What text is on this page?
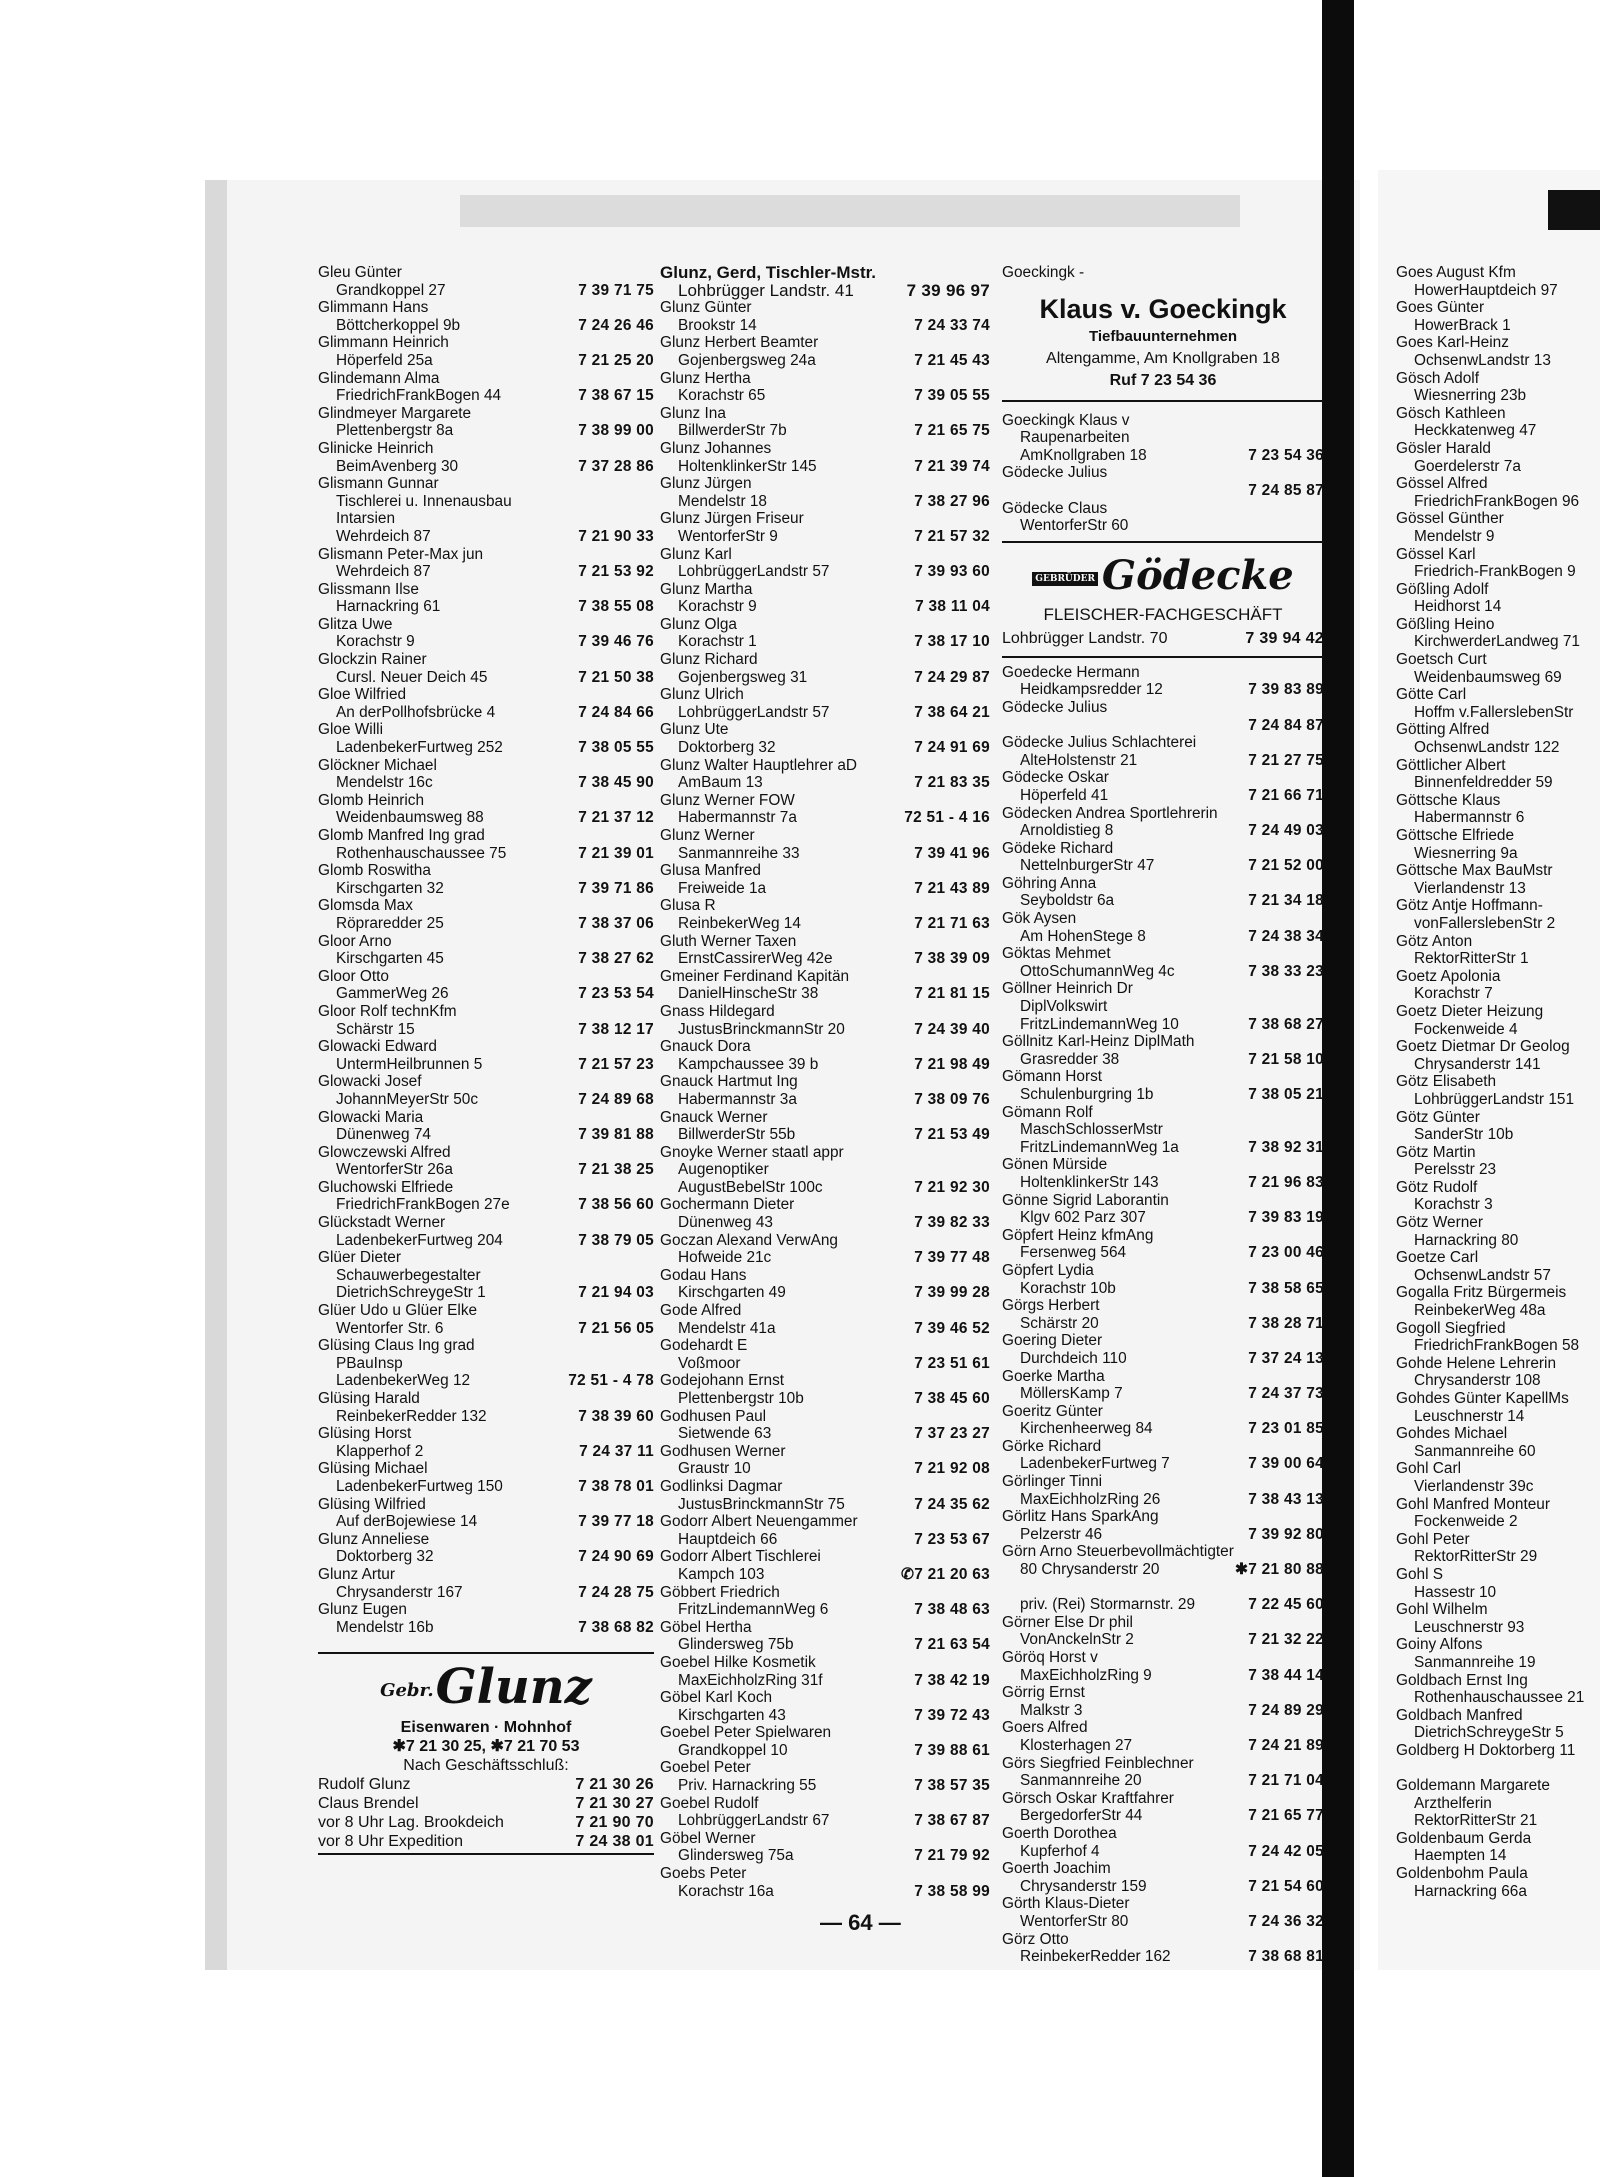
Gleu Günter
Grandkoppel 27	7 39 71 75
Glimmann Hans
Böttcherkoppel 9b	7 24 26 46
Glimmann Heinrich
Höperfeld 25a	7 21 25 20
Glindemann Alma
FriedrichFrankBogen 44	7 38 67 15
Glindmeyer Margarete
Plettenbergstr 8a	7 38 99 00
Glinicke Heinrich
BeimAvenberg 30	7 37 28 86
Glismann Gunnar
Tischlerei u. Innenausbau
Intarsien
Wehrdeich 87	7 21 90 33
Glismann Peter-Max jun
Wehrdeich 87	7 21 53 92
Glissmann Ilse
Harnackring 61	7 38 55 08
Glitza Uwe
Korachstr 9	7 39 46 76
Glockzin Rainer
Cursl. Neuer Deich 45	7 21 50 38
Gloe Wilfried
An derPollhofsbrücke 4	7 24 84 66
Gloe Willi
LadenbekerFurtweg 252	7 38 05 55
Glöckner Michael
Mendelstr 16c	7 38 45 90
Glomb Heinrich
Weidenbaumsweg 88	7 21 37 12
Glomb Manfred Ing grad
Rothenhauschaussee 75	7 21 39 01
Glomb Roswitha
Kirschgarten 32	7 39 71 86
Glomsda Max
Röpraredder 25	7 38 37 06
Gloor Arno
Kirschgarten 45	7 38 27 62
Gloor Otto
GammerWeg 26	7 23 53 54
Gloor Rolf technKfm
Schärstr 15	7 38 12 17
Glowacki Edward
UntermHeilbrunnen 5	7 21 57 23
Glowacki Josef
JohannMeyerStr 50c	7 24 89 68
Glowacki Maria
Dünenweg 74	7 39 81 88
Glowczewski Alfred
WentorferStr 26a	7 21 38 25
Gluchowski Elfriede
FriedrichFrankBogen 27e	7 38 56 60
Glückstadt Werner
LadenbekerFurtweg 204	7 38 79 05
Glüer Dieter
Schauwerbegestalter
DietrichSchreygeStr 1	7 21 94 03
Glüer Udo u Glüer Elke
Wentorfer Str. 6	7 21 56 05
Glüsing Claus Ing grad
PBauInsp
LadenbekerWeg 12	72 51 - 4 78
Glüsing Harald
ReinbekerRedder 132	7 38 39 60
Glüsing Horst
Klapperhof 2	7 24 37 11
Glüsing Michael
LadenbekerFurtweg 150	7 38 78 01
Glüsing Wilfried
Auf derBojewiese 14	7 39 77 18
Glunz Anneliese
Doktorberg 32	7 24 90 69
Glunz Artur
Chrysanderstr 167	7 24 28 75
Glunz Eugen
Mendelstr 16b	7 38 68 82
Gebr.Glunz
Eisenwaren · Mohnhof
✱7 21 30 25, ✱7 21 70 53
Nach Geschäftsschluß:
Rudolf Glunz	7 21 30 26
Claus Brendel	7 21 30 27
vor 8 Uhr Lag. Brookdeich	7 21 90 70
vor 8 Uhr Expedition	7 24 38 01
Glunz, Gerd, Tischler-Mstr.
Lohbrügger Landstr. 41	7 39 96 97
Glunz Günter
Brookstr 14	7 24 33 74
Glunz Herbert Beamter
Gojenbergsweg 24a	7 21 45 43
Glunz Hertha
Korachstr 65	7 39 05 55
Glunz Ina
BillwerderStr 7b	7 21 65 75
Glunz Johannes
HoltenklinkerStr 145	7 21 39 74
Glunz Jürgen
Mendelstr 18	7 38 27 96
Glunz Jürgen Friseur
WentorferStr 9	7 21 57 32
Glunz Karl
LohbrüggerLandstr 57	7 39 93 60
Glunz Martha
Korachstr 9	7 38 11 04
Glunz Olga
Korachstr 1	7 38 17 10
Glunz Richard
Gojenbergsweg 31	7 24 29 87
Glunz Ulrich
LohbrüggerLandstr 57	7 38 64 21
Glunz Ute
Doktorberg 32	7 24 91 69
Glunz Walter Hauptlehrer aD
AmBaum 13	7 21 83 35
Glunz Werner FOW
Habermannstr 7a	72 51 - 4 16
Glunz Werner
Sanmannreihe 33	7 39 41 96
Glusa Manfred
Freiweide 1a	7 21 43 89
Glusa R
ReinbekerWeg 14	7 21 71 63
Gluth Werner Taxen
ErnstCassirerWeg 42e	7 38 39 09
Gmeiner Ferdinand Kapitän
DanielHinscheStr 38	7 21 81 15
Gnass Hildegard
JustusBrinckmannStr 20	7 24 39 40
Gnauck Dora
Kampchaussee 39 b	7 21 98 49
Gnauck Hartmut Ing
Habermannstr 3a	7 38 09 76
Gnauck Werner
BillwerderStr 55b	7 21 53 49
Gnoyke Werner staatl appr
Augenoptiker
AugustBebelStr 100c	7 21 92 30
Gochermann Dieter
Dünenweg 43	7 39 82 33
Goczan Alexand VerwAng
Hofweide 21c	7 39 77 48
Godau Hans
Kirschgarten 49	7 39 99 28
Gode Alfred
Mendelstr 41a	7 39 46 52
Godehardt E
Voßmoor	7 23 51 61
Godejohann Ernst
Plettenbergstr 10b	7 38 45 60
Godhusen Paul
Sietwende 63	7 37 23 27
Godhusen Werner
Graustr 10	7 21 92 08
Godlinksi Dagmar
JustusBrinckmannStr 75	7 24 35 62
Godorr Albert Neuengammer
Hauptdeich 66	7 23 53 67
Godorr Albert Tischlerei
Kampch 103	✆7 21 20 63
Göbbert Friedrich
FritzLindemannWeg 6	7 38 48 63
Göbel Hertha
Glindersweg 75b	7 21 63 54
Goebel Hilke Kosmetik
MaxEichholzRing 31f	7 38 42 19
Göbel Karl Koch
Kirschgarten 43	7 39 72 43
Goebel Peter Spielwaren
Grandkoppel 10	7 39 88 61
Goebel Peter
Priv. Harnackring 55	7 38 57 35
Goebel Rudolf
LohbrüggerLandstr 67	7 38 67 87
Göbel Werner
Glindersweg 75a	7 21 79 92
Goebs Peter
Korachstr 16a	7 38 58 99
Goeckingk -
Klaus v. Goeckingk
Tiefbauunternehmen
Altengamme, Am Knollgraben 18
Ruf 7 23 54 36
Goeckingk Klaus v
Raupenarbeiten
AmKnollgraben 18	7 23 54 36
Gödecke Julius

7 24 85 87
Gödecke Claus
WentorferStr 60
GEBRÜDER Gödecke
FLEISCHER-FACHGESCHÄFT
Lohbrügger Landstr. 70	7 39 94 42
Goedecke Hermann
Heidkampsredder 12	7 39 83 89
Gödecke Julius

7 24 84 87
Gödecke Julius Schlachterei
AlteHolstenstr 21	7 21 27 75
Gödecke Oskar
Höperfeld 41	7 21 66 71
Gödecken Andrea Sportlehrerin
Arnoldistieg 8	7 24 49 03
Gödeke Richard
NettelnburgerStr 47	7 21 52 00
Göhring Anna
Seyboldstr 6a	7 21 34 18
Gök Aysen
Am HohenStege 8	7 24 38 34
Göktas Mehmet
OttoSchumannWeg 4c	7 38 33 23
Göllner Heinrich Dr
DiplVolkswirt
FritzLindemannWeg 10	7 38 68 27
Göllnitz Karl-Heinz DiplMath
Grasredder 38	7 21 58 10
Gömann Horst
Schulenburgring 1b	7 38 05 21
Gömann Rolf
MaschSchlosserMstr
FritzLindemannWeg 1a	7 38 92 31
Gönen Mürside
HoltenklinkerStr 143	7 21 96 83
Gönne Sigrid Laborantin
Klgv 602 Parz 307	7 39 83 19
Göpfert Heinz kfmAng
Fersenweg 564	7 23 00 46
Göpfert Lydia
Korachstr 10b	7 38 58 65
Görgs Herbert
Schärstr 20	7 38 28 71
Goering Dieter
Durchdeich 110	7 37 24 13
Goerke Martha
MöllersKamp 7	7 24 37 73
Goeritz Günter
Kirchenheerweg 84	7 23 01 85
Görke Richard
LadenbekerFurtweg 7	7 39 00 64
Görlinger Tinni
MaxEichholzRing 26	7 38 43 13
Görlitz Hans SparkAng
Pelzerstr 46	7 39 92 80
Görn Arno Steuerbevollmächtigter
80 Chrysanderstr 20	✱7 21 80 88

priv. (Rei) Stormarnstr. 29	7 22 45 60
Görner Else Dr phil
VonAnckelnStr 2	7 21 32 22
Göröq Horst v
MaxEichholzRing 9	7 38 44 14
Görrig Ernst
Malkstr 3	7 24 89 29
Goers Alfred
Klosterhagen 27	7 24 21 89
Görs Siegfried Feinblechner
Sanmannreihe 20	7 21 71 04
Görsch Oskar Kraftfahrer
BergedorferStr 44	7 21 65 77
Goerth Dorothea
Kupferhof 4	7 24 42 05
Goerth Joachim
Chrysanderstr 159	7 21 54 60
Görth Klaus-Dieter
WentorferStr 80	7 24 36 32
Görz Otto
ReinbekerRedder 162	7 38 68 81
Goes August Kfm
HowerHauptdeich 97
Goes Günter
HowerBrack 1
Goes Karl-Heinz
OchsenwLandstr 13
Gösch Adolf
Wiesnerring 23b
Gösch Kathleen
Heckkatenweg 47
Gösler Harald
Goerdelerstr 7a
Gössel Alfred
FriedrichFrankBogen 96
Gössel Günther
Mendelstr 9
Gössel Karl
Friedrich-FrankBogen 9
Gößling Adolf
Heidhorst 14
Gößling Heino
KirchwerderLandweg 71
Goetsch Curt
Weidenbaumsweg 69
Götte Carl
Hoffm v.FallerslebenStr
Götting Alfred
OchsenwLandstr 122
Göttlicher Albert
Binnenfeldredder 59
Göttsche Klaus
Habermannstr 6
Göttsche Elfriede
Wiesnerring 9a
Göttsche Max BauMstr
Vierlandenstr 13
Götz Antje Hoffmann-
vonFallerslebenStr 2
Götz Anton
RektorRitterStr 1
Goetz Apolonia
Korachstr 7
Goetz Dieter Heizung
Fockenweide 4
Goetz Dietmar Dr Geolog
Chrysanderstr 141
Götz Elisabeth
LohbrüggerLandstr 151
Götz Günter
SanderStr 10b
Götz Martin
Perelsstr 23
Götz Rudolf
Korachstr 3
Götz Werner
Harnackring 80
Goetze Carl
OchsenwLandstr 57
Gogalla Fritz Bürgermeis
ReinbekerWeg 48a
Gogoll Siegfried
FriedrichFrankBogen 58
Gohde Helene Lehrerin
Chrysanderstr 108
Gohdes Günter KapellMs
Leuschnerstr 14
Gohdes Michael
Sanmannreihe 60
Gohl Carl
Vierlandenstr 39c
Gohl Manfred Monteur
Fockenweide 2
Gohl Peter
RektorRitterStr 29
Gohl S
Hassestr 10
Gohl Wilhelm
Leuschnerstr 93
Goiny Alfons
Sanmannreihe 19
Goldbach Ernst Ing
Rothenhauschaussee 21
Goldbach Manfred
DietrichSchreygeStr 5
Goldberg H Doktorberg 11

Goldemann Margarete
Arzthelferin
RektorRitterStr 21
Goldenbaum Gerda
Haempten 14
Goldenbohm Paula
Harnackring 66a
— 64 —
